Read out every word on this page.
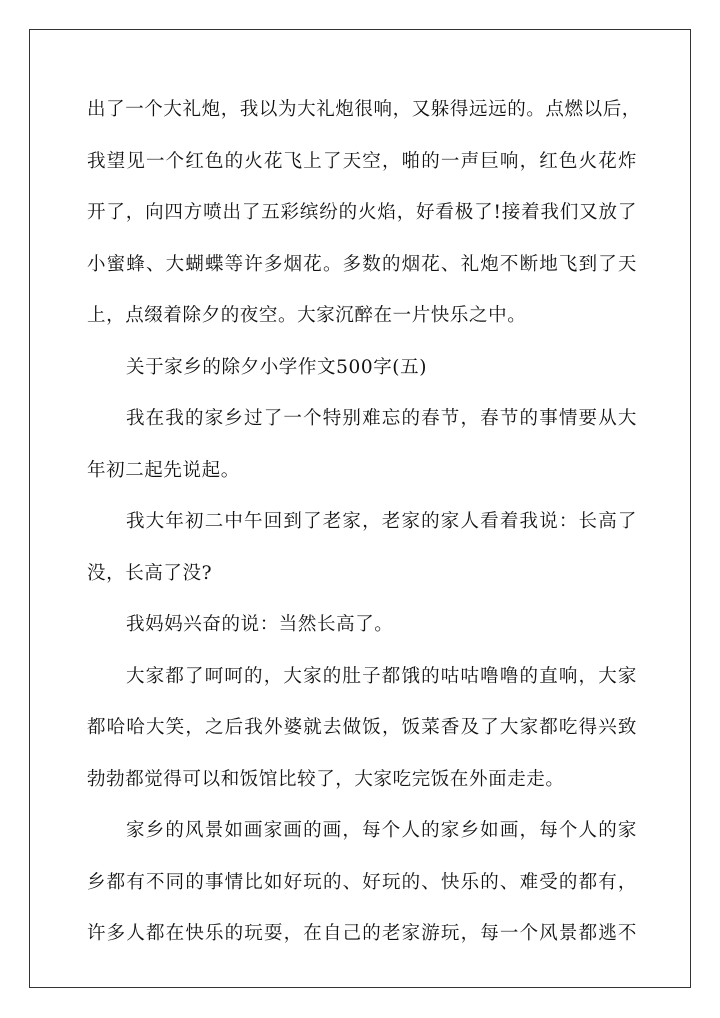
出了一个大礼炮，我以为大礼炮很响，又躲得远远的。点燃以后，
我望见一个红色的火花飞上了天空，啪的一声巨响，红色火花炸
开了，向四方喷出了五彩缤纷的火焰，好看极了!接着我们又放了
小蜜蜂、大蝴蝶等许多烟花。多数的烟花、礼炮不断地飞到了天
上，点缀着除夕的夜空。大家沉醉在一片快乐之中。
关于家乡的除夕小学作文500字(五)
我在我的家乡过了一个特别难忘的春节，春节的事情要从大
年初二起先说起。
我大年初二中午回到了老家，老家的家人看着我说：长高了
没，长高了没?
我妈妈兴奋的说：当然长高了。
大家都了呵呵的，大家的肚子都饿的咕咕噜噜的直响，大家
都哈哈大笑，之后我外婆就去做饭，饭菜香及了大家都吃得兴致
勃勃都觉得可以和饭馆比较了，大家吃完饭在外面走走。
家乡的风景如画家画的画，每个人的家乡如画，每个人的家
乡都有不同的事情比如好玩的、好玩的、快乐的、难受的都有，
许多人都在快乐的玩耍，在自己的老家游玩，每一个风景都逃不
